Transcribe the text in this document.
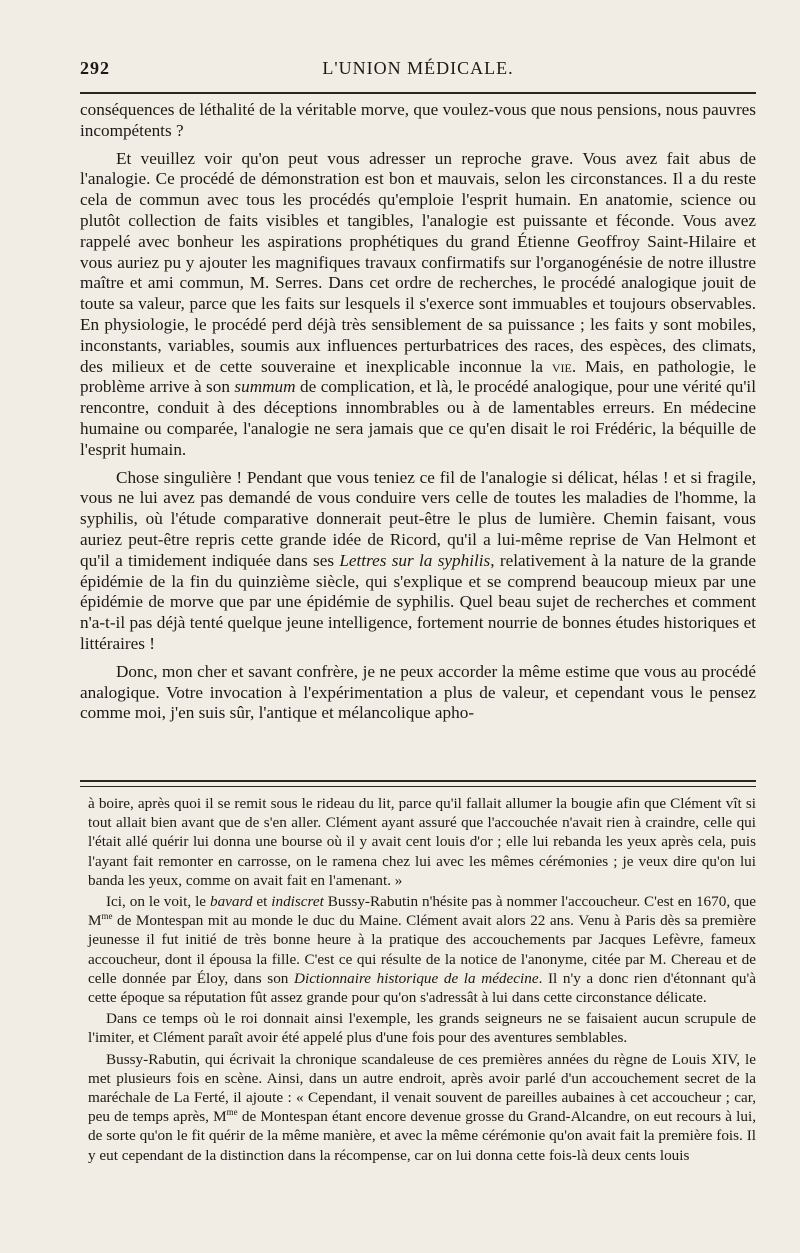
292	L'UNION MÉDICALE.

conséquences de léthalité de la véritable morve, que voulez-vous que nous pensions, nous pauvres incompétents ?

Et veuillez voir qu'on peut vous adresser un reproche grave. Vous avez fait abus de l'analogie. Ce procédé de démonstration est bon et mauvais, selon les circonstances. Il a du reste cela de commun avec tous les procédés qu'emploie l'esprit humain. En anatomie, science ou plutôt collection de faits visibles et tangibles, l'analogie est puissante et féconde. Vous avez rappelé avec bonheur les aspirations prophétiques du grand Étienne Geoffroy Saint-Hilaire et vous auriez pu y ajouter les magnifiques travaux confirmatifs sur l'organogénésie de notre illustre maître et ami commun, M. Serres. Dans cet ordre de recherches, le procédé analogique jouit de toute sa valeur, parce que les faits sur lesquels il s'exerce sont immuables et toujours observables. En physiologie, le procédé perd déjà très sensiblement de sa puissance ; les faits y sont mobiles, inconstants, variables, soumis aux influences perturbatrices des races, des espèces, des climats, des milieux et de cette souveraine et inexplicable inconnue la vie. Mais, en pathologie, le problème arrive à son summum de complication, et là, le procédé analogique, pour une vérité qu'il rencontre, conduit à des déceptions innombrables ou à de lamentables erreurs. En médecine humaine ou comparée, l'analogie ne sera jamais que ce qu'en disait le roi Frédéric, la béquille de l'esprit humain.

Chose singulière ! Pendant que vous teniez ce fil de l'analogie si délicat, hélas ! et si fragile, vous ne lui avez pas demandé de vous conduire vers celle de toutes les maladies de l'homme, la syphilis, où l'étude comparative donnerait peut-être le plus de lumière. Chemin faisant, vous auriez peut-être repris cette grande idée de Ricord, qu'il a lui-même reprise de Van Helmont et qu'il a timidement indiquée dans ses Lettres sur la syphilis, relativement à la nature de la grande épidémie de la fin du quinzième siècle, qui s'explique et se comprend beaucoup mieux par une épidémie de morve que par une épidémie de syphilis. Quel beau sujet de recherches et comment n'a-t-il pas déjà tenté quelque jeune intelligence, fortement nourrie de bonnes études historiques et littéraires !

Donc, mon cher et savant confrère, je ne peux accorder la même estime que vous au procédé analogique. Votre invocation à l'expérimentation a plus de valeur, et cependant vous le pensez comme moi, j'en suis sûr, l'antique et mélancolique apho-

à boire, après quoi il se remit sous le rideau du lit, parce qu'il fallait allumer la bougie afin que Clément vît si tout allait bien avant que de s'en aller. Clément ayant assuré que l'accouchée n'avait rien à craindre, celle qui l'était allé quérir lui donna une bourse où il y avait cent louis d'or ; elle lui rebanda les yeux après cela, puis l'ayant fait remonter en carrosse, on le ramena chez lui avec les mêmes cérémonies ; je veux dire qu'on lui banda les yeux, comme on avait fait en l'amenant. »

Ici, on le voit, le bavard et indiscret Bussy-Rabutin n'hésite pas à nommer l'accoucheur. C'est en 1670, que $M^{me}$ de Montespan mit au monde le duc du Maine. Clément avait alors 22 ans. Venu à Paris dès sa première jeunesse il fut initié de très bonne heure à la pratique des accouchements par Jacques Lefèvre, fameux accoucheur, dont il épousa la fille. C'est ce qui résulte de la notice de l'anonyme, citée par M. Chereau et de celle donnée par Éloy, dans son Dictionnaire historique de la médecine. Il n'y a donc rien d'étonnant qu'à cette époque sa réputation fût assez grande pour qu'on s'adressât à lui dans cette circonstance délicate.

Dans ce temps où le roi donnait ainsi l'exemple, les grands seigneurs ne se faisaient aucun scrupule de l'imiter, et Clément paraît avoir été appelé plus d'une fois pour des aventures semblables.

Bussy-Rabutin, qui écrivait la chronique scandaleuse de ces premières années du règne de Louis XIV, le met plusieurs fois en scène. Ainsi, dans un autre endroit, après avoir parlé d'un accouchement secret de la maréchale de La Ferté, il ajoute : « Cependant, il venait souvent de pareilles aubaines à cet accoucheur ; car, peu de temps après, $M^{me}$ de Montespan étant encore devenue grosse du Grand-Alcandre, on eut recours à lui, de sorte qu'on le fit quérir de la même manière, et avec la même cérémonie qu'on avait fait la première fois. Il y eut cependant de la distinction dans la récompense, car on lui donna cette fois-là deux cents louis
